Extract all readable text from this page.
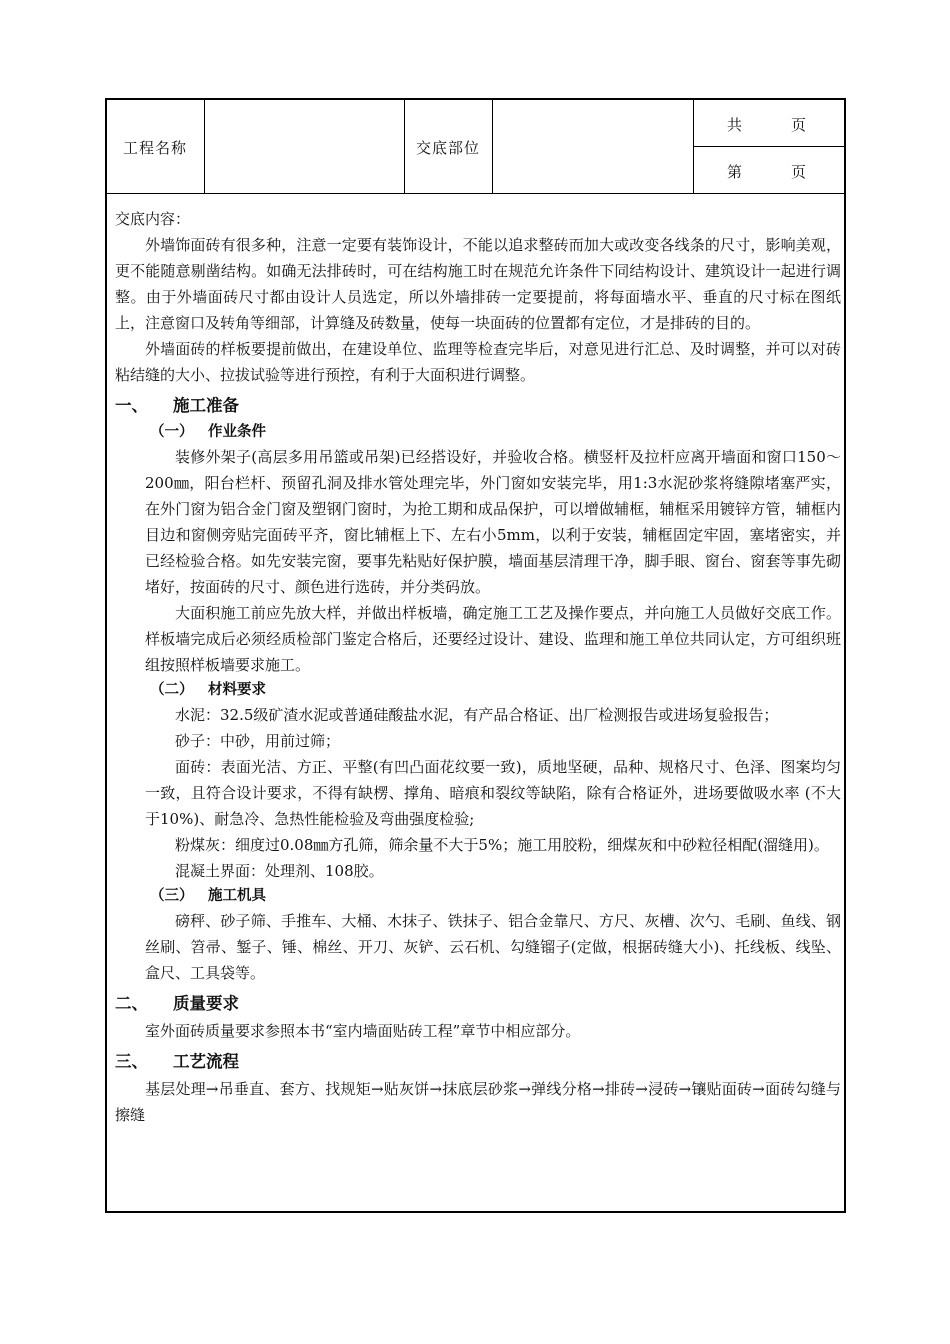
工程名称	交底部位
共　　　页
第　　　页
交底内容：

外墙饰面砖有很多种，注意一定要有装饰设计，不能以追求整砖而加大或改变各线条的尺寸，影响美观，更不能随意剔凿结构。如确无法排砖时，可在结构施工时在规范允许条件下同结构设计、建筑设计一起进行调整。由于外墙面砖尺寸都由设计人员选定，所以外墙排砖一定要提前，将每面墙水平、垂直的尺寸标在图纸上，注意窗口及转角等细部，计算缝及砖数量，使每一块面砖的位置都有定位，才是排砖的目的。

外墙面砖的样板要提前做出，在建设单位、监理等检查完毕后，对意见进行汇总、及时调整，并可以对砖粘结缝的大小、拉拔试验等进行预控，有利于大面积进行调整。

一、 施工准备
（一） 作业条件

装修外架子(高层多用吊篮或吊架)已经搭设好，并验收合格。横竖杆及拉杆应离开墙面和窗口150～200㎜，阳台栏杆、预留孔洞及排水管处理完毕，外门窗如安装完毕，用1:3水泥砂浆将缝隙堵塞严实，在外门窗为铝合金门窗及塑钢门窗时，为抢工期和成品保护，可以增做辅框，辅框采用镀锌方管，辅框内目边和窗侧旁贴完面砖平齐，窗比辅框上下、左右小5mm，以利于安装，辅框固定牢固，塞堵密实，并已经检验合格。如先安装完窗，要事先粘贴好保护膜，墙面基层清理干净，脚手眼、窗台、窗套等事先砌堵好，按面砖的尺寸、颜色进行选砖，并分类码放。

大面积施工前应先放大样，并做出样板墙，确定施工工艺及操作要点，并向施工人员做好交底工作。样板墙完成后必须经质检部门鉴定合格后，还要经过设计、建设、监理和施工单位共同认定，方可组织班组按照样板墙要求施工。

（二） 材料要求

水泥：32.5级矿渣水泥或普通硅酸盐水泥，有产品合格证、出厂检测报告或进场复验报告；

砂子：中砂，用前过筛；

面砖：表面光洁、方正、平整(有凹凸面花纹要一致)，质地坚硬，品种、规格尺寸、色泽、图案均匀一致，且符合设计要求，不得有缺楞、撑角、暗痕和裂纹等缺陷，除有合格证外，进场要做吸水率 (不大于10%)、耐急冷、急热性能检验及弯曲强度检验;

粉煤灰：细度过0.08㎜方孔筛，筛余量不大于5%；施工用胶粉，细煤灰和中砂粒径相配(溜缝用)。

混凝土界面：处理剂、108胶。

（三） 施工机具

磅秤、砂子筛、手推车、大桶、木抹子、铁抹子、铝合金靠尺、方尺、灰槽、次勺、毛刷、鱼线、钢丝刷、笤帚、錾子、锤、棉丝、开刀、灰铲、云石机、勾缝镏子(定做，根据砖缝大小)、托线板、线坠、盒尺、工具袋等。

二、 质量要求

室外面砖质量要求参照本书“室内墙面贴砖工程”章节中相应部分。

三、 工艺流程

基层处理→吊垂直、套方、找规矩→贴灰饼→抹底层砂浆→弹线分格→排砖→浸砖→镶贴面砖→面砖勾缝与擦缝
